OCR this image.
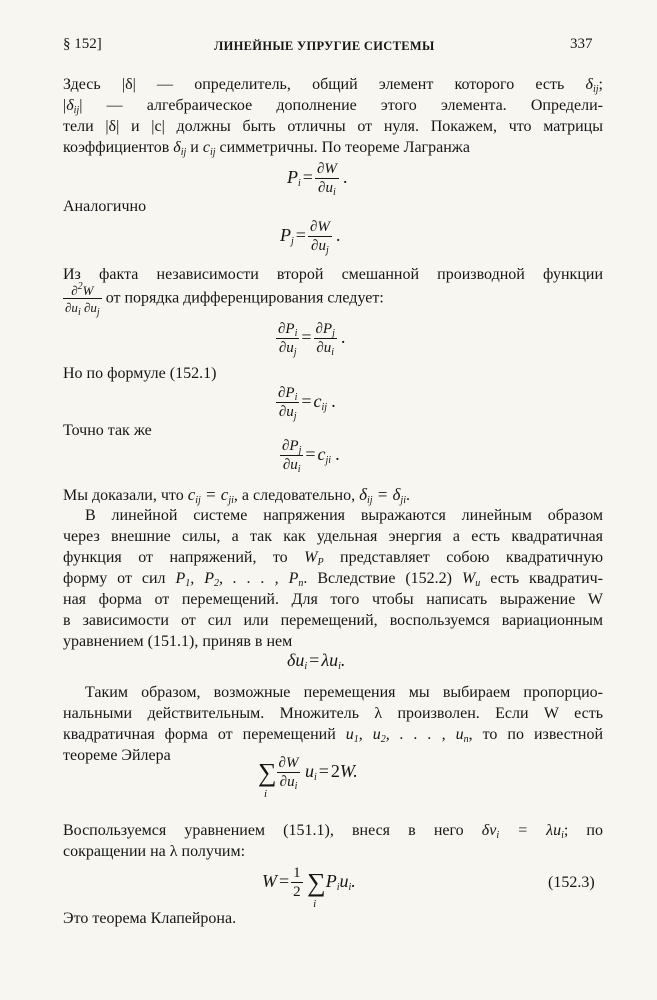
§ 152]	ЛИНЕЙНЫЕ УПРУГИЕ СИСТЕМЫ	337
Здесь |δ| — определитель, общий элемент которого есть $\delta_{ij}$;
$|\delta_{ij}|$ — алгебраическое дополнение этого элемента. Определи-
тели |δ| и |c| должны быть отличны от нуля. Покажем, что матрицы
коэффициентов $\delta_{ij}$ и $c_{ij}$ симметричны. По теореме Лагранжа
$P_i = \frac{\partial W}{\partial u_i}$ .
Аналогично
$P_j = \frac{\partial W}{\partial u_j}$ .
Из факта независимости второй смешанной производной функции
$\frac{\partial^2W}{\partial u_i \partial u_j}$ от порядка дифференцирования следует:
$\frac{\partial P_i}{\partial u_j} = \frac{\partial P_j}{\partial u_i}$ .
Но по формуле (152.1)
$\frac{\partial P_i}{\partial u_j} = c_{ij}$ .
Точно так же
$\frac{\partial P_j}{\partial u_i} = c_{ji}$ .
Мы доказали, что $c_{ij} = c_{ji}$, а следовательно, $\delta_{ij} = \delta_{ji}$.
В линейной системе напряжения выражаются линейным образом
через внешние силы, а так как удельная энергия a есть квадратичная
функция от напряжений, то $W_P$ представляет собою квадратичную
форму от сил $P_1$, $P_2$, . . . , $P_n$. Вследствие (152.2) $W_u$ есть квадратич-
ная форма от перемещений. Для того чтобы написать выражение W
в зависимости от сил или перемещений, воспользуемся вариационным
уравнением (151.1), приняв в нем
$\delta u_i = \lambda u_i$.
Таким образом, возможные перемещения мы выбираем пропорцио-
нальными действительным. Множитель λ произволен. Если W есть
квадратичная форма от перемещений $u_1$, $u_2$, . . . , $u_n$, то по известной
теореме Эйлера
∑
i
$\frac{\partial W}{\partial u_i} u_i = 2W$.
Воспользуемся уравнением (151.1), внеся в него $\delta v_i = \lambda u_i$; по
сокращении на λ получим:
$W = \frac{1}{2}$ ∑
i
$P_iu_i$.	(152.3)
Это теорема Клапейрона.
